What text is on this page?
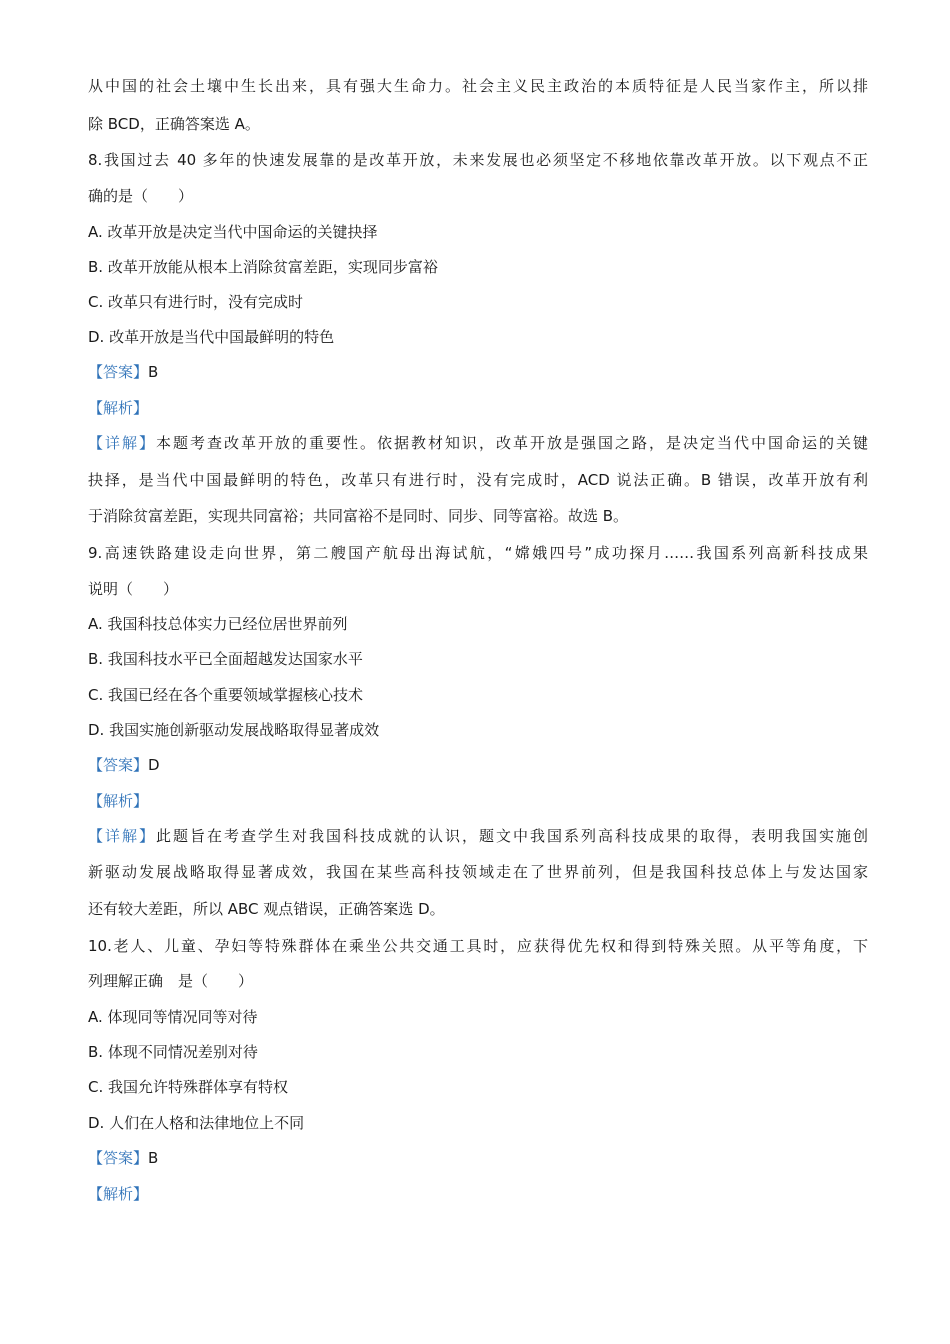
从中国的社会土壤中生长出来，具有强大生命力。社会主义民主政治的本质特征是人民当家作主，所以排
除 BCD，正确答案选 A。
8.我国过去 40 多年的快速发展靠的是改革开放，未来发展也必须坚定不移地依靠改革开放。以下观点不正
确的是（　　）
A. 改革开放是决定当代中国命运的关键抉择
B. 改革开放能从根本上消除贫富差距，实现同步富裕
C. 改革只有进行时，没有完成时
D. 改革开放是当代中国最鲜明的特色
【答案】B
【解析】
【详解】本题考查改革开放的重要性。依据教材知识，改革开放是强国之路，是决定当代中国命运的关键
抉择，是当代中国最鲜明的特色，改革只有进行时，没有完成时，ACD 说法正确。B 错误，改革开放有利
于消除贫富差距，实现共同富裕；共同富裕不是同时、同步、同等富裕。故选 B。
9.高速铁路建设走向世界，第二艘国产航母出海试航，“嫦娥四号”成功探月……我国系列高新科技成果
说明（　　）
A. 我国科技总体实力已经位居世界前列
B. 我国科技水平已全面超越发达国家水平
C. 我国已经在各个重要领域掌握核心技术
D. 我国实施创新驱动发展战略取得显著成效
【答案】D
【解析】
【详解】此题旨在考查学生对我国科技成就的认识，题文中我国系列高科技成果的取得，表明我国实施创
新驱动发展战略取得显著成效，我国在某些高科技领域走在了世界前列，但是我国科技总体上与发达国家
还有较大差距，所以 ABC 观点错误，正确答案选 D。
10.老人、儿童、孕妇等特殊群体在乘坐公共交通工具时，应获得优先权和得到特殊关照。从平等角度，下
列理解正确　是（　　）
A. 体现同等情况同等对待
B. 体现不同情况差别对待
C. 我国允许特殊群体享有特权
D. 人们在人格和法律地位上不同
【答案】B
【解析】
